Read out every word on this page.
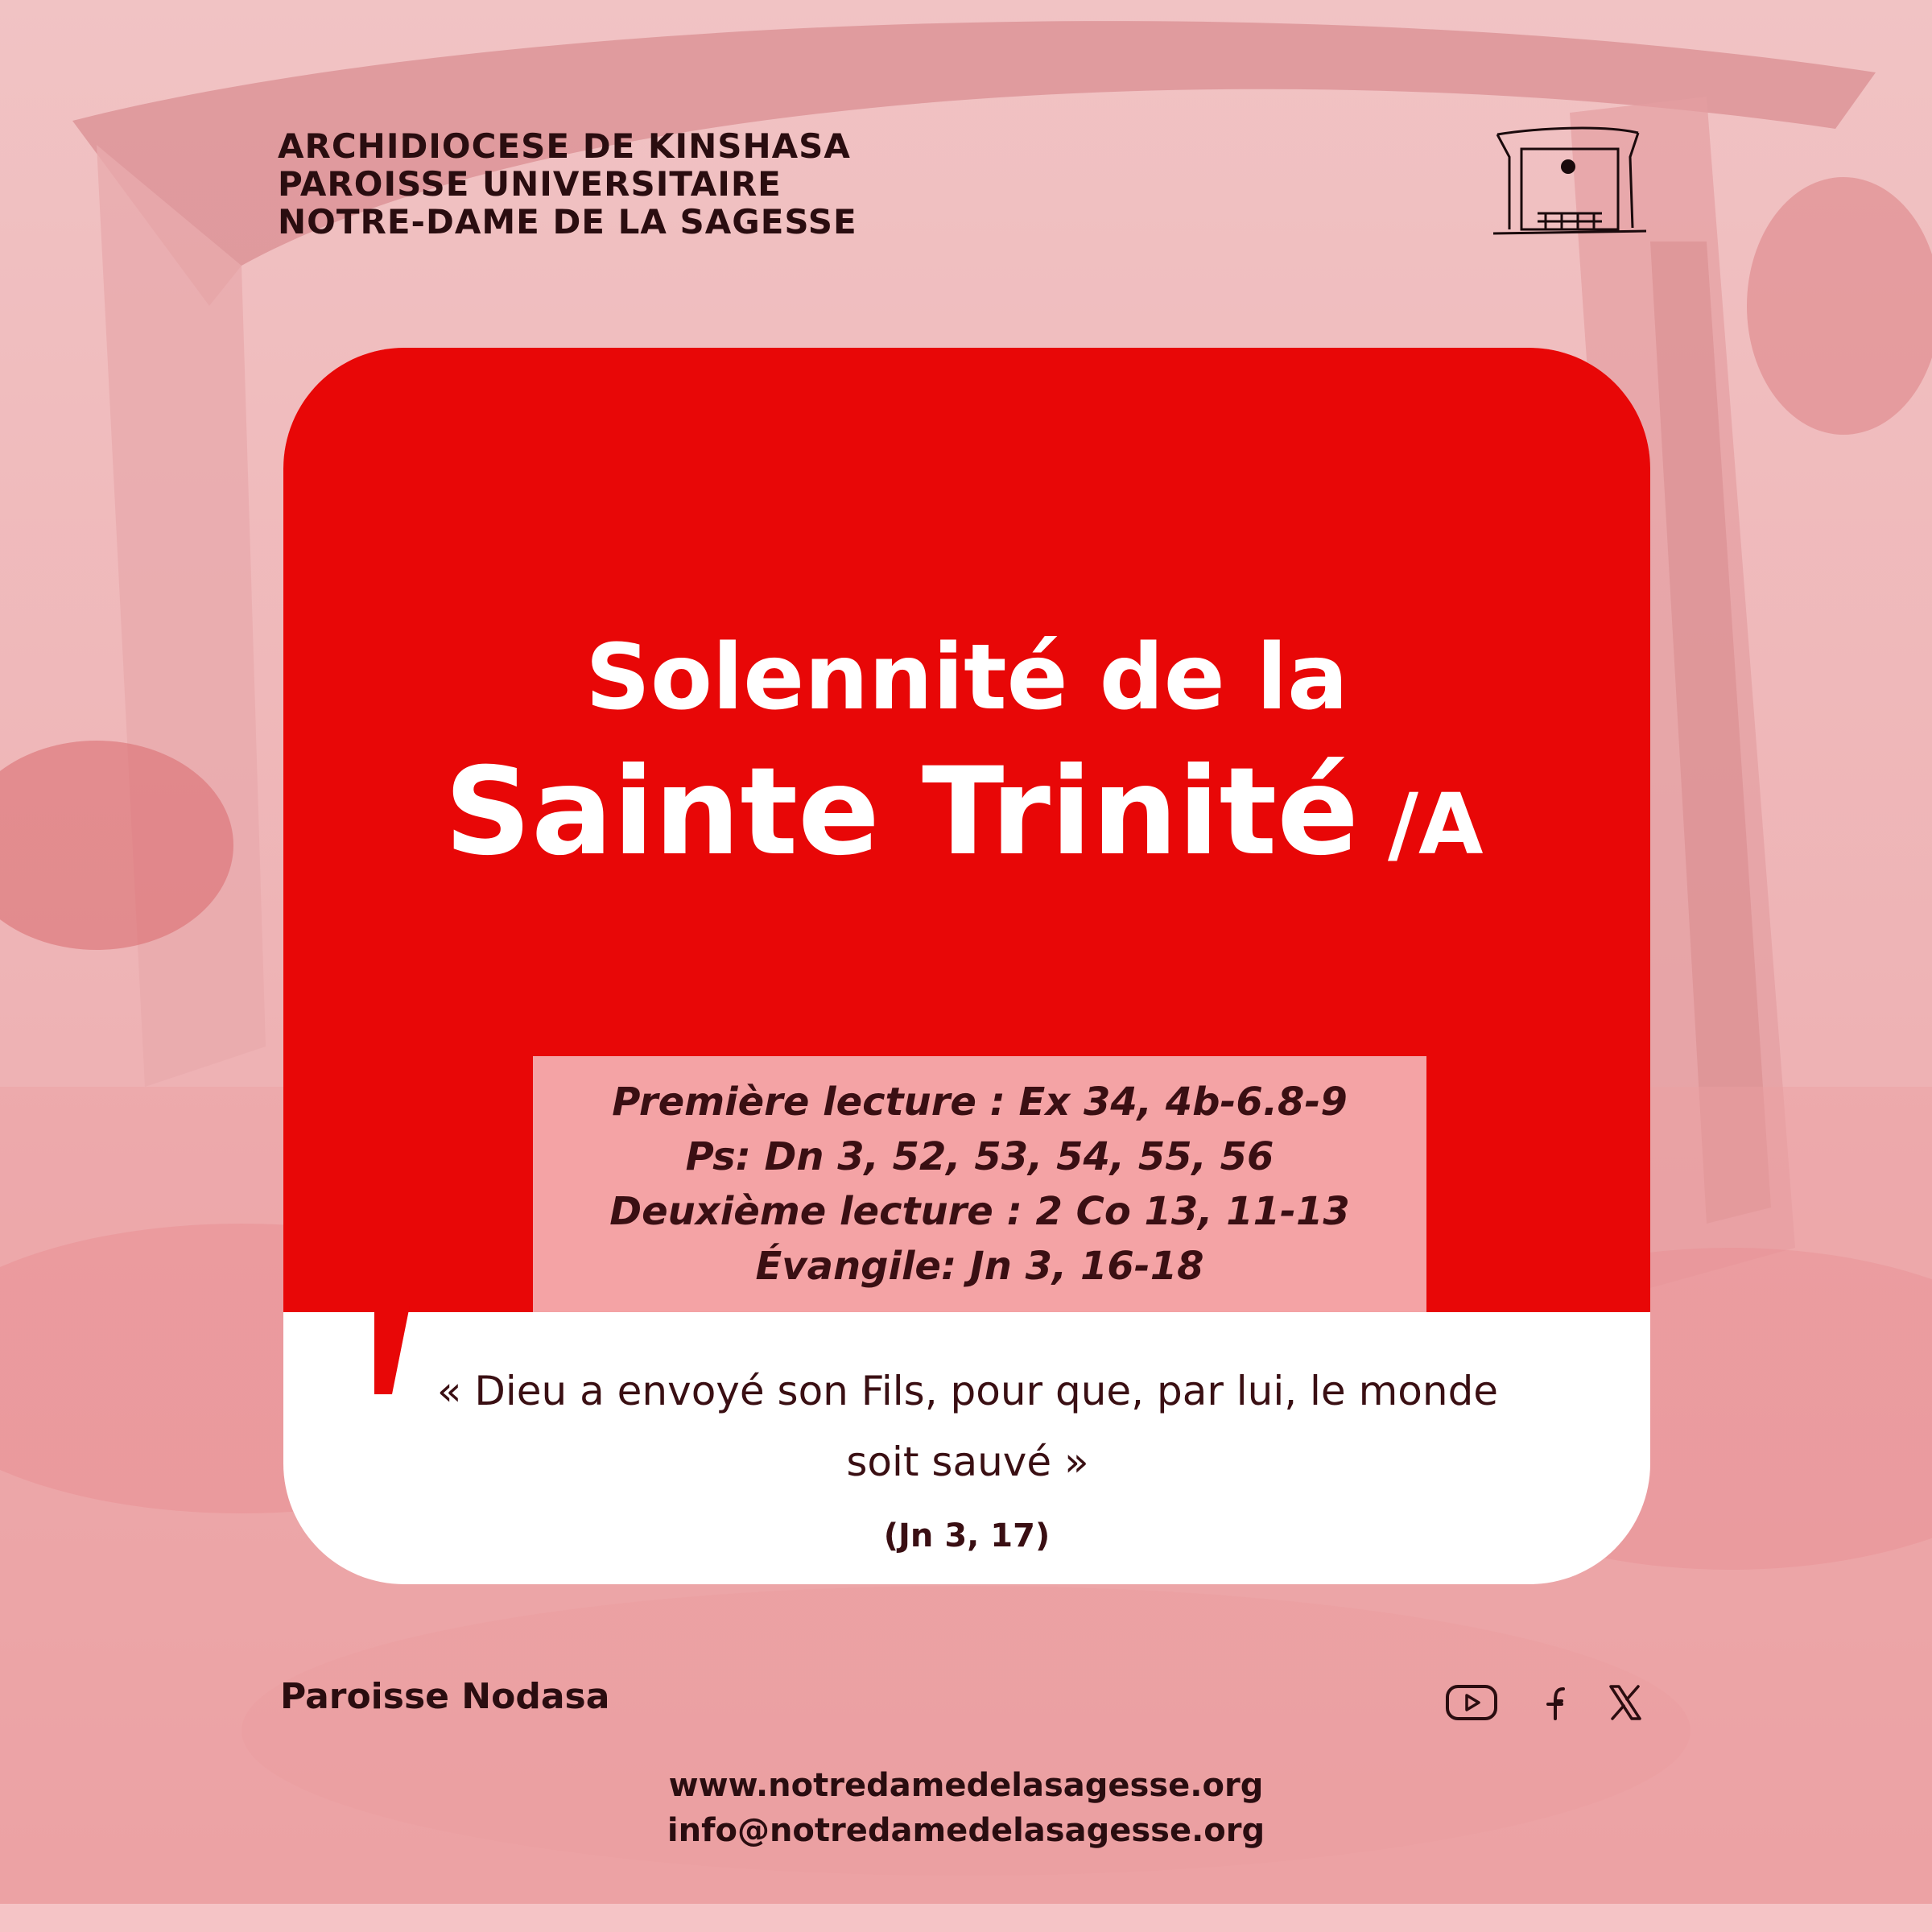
ARCHIDIOCESE DE KINSHASA
PAROISSE UNIVERSITAIRE
NOTRE-DAME DE LA SAGESSE
Solennité de la
Sainte Trinité /A
Première lecture : Ex 34, 4b-6.8-9
Ps: Dn 3, 52, 53, 54, 55, 56
Deuxième lecture : 2 Co 13, 11-13
Évangile: Jn 3, 16-18
« Dieu a envoyé son Fils, pour que, par lui, le monde soit sauvé »
(Jn 3, 17)
Paroisse Nodasa
www.notredamedelasagesse.org
info@notredamedelasagesse.org
